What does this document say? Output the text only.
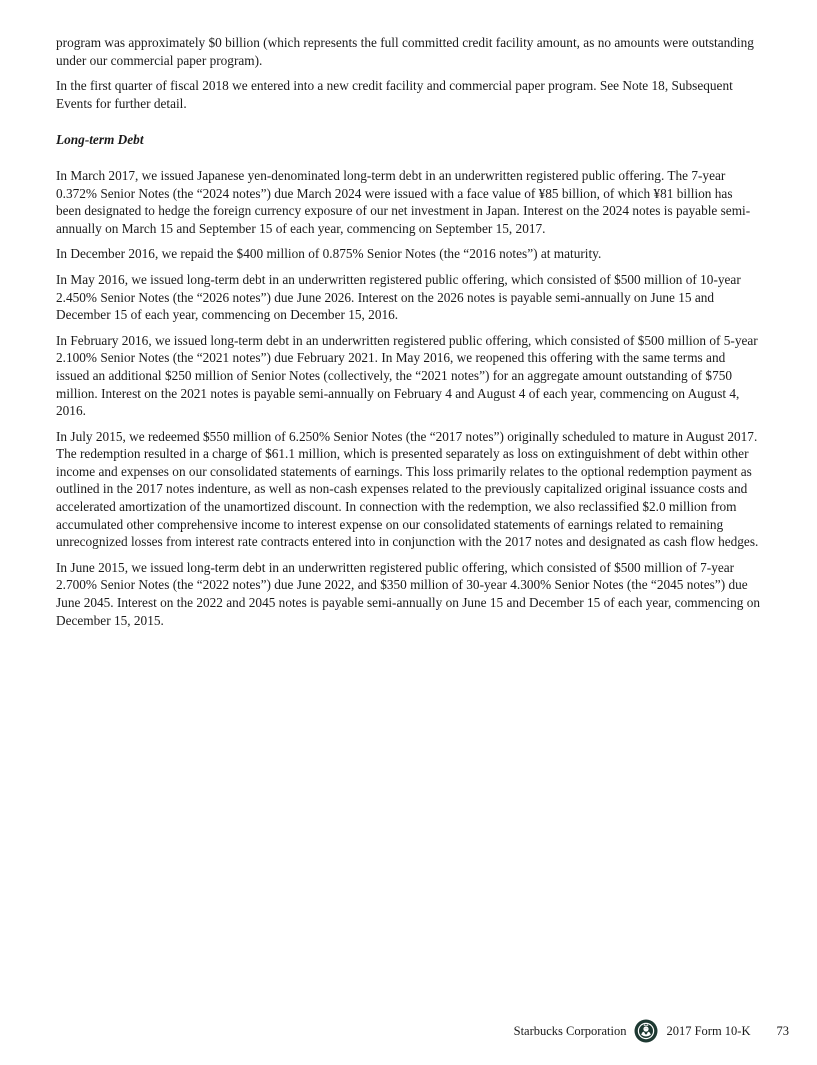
program was approximately $0 billion (which represents the full committed credit facility amount, as no amounts were outstanding under our commercial paper program).

In the first quarter of fiscal 2018 we entered into a new credit facility and commercial paper program. See Note 18, Subsequent Events for further detail.

Long-term Debt

In March 2017, we issued Japanese yen-denominated long-term debt in an underwritten registered public offering. The 7-year 0.372% Senior Notes (the “2024 notes”) due March 2024 were issued with a face value of ¥85 billion, of which ¥81 billion has been designated to hedge the foreign currency exposure of our net investment in Japan. Interest on the 2024 notes is payable semi-annually on March 15 and September 15 of each year, commencing on September 15, 2017.

In December 2016, we repaid the $400 million of 0.875% Senior Notes (the “2016 notes”) at maturity.

In May 2016, we issued long-term debt in an underwritten registered public offering, which consisted of $500 million of 10-year 2.450% Senior Notes (the “2026 notes”) due June 2026. Interest on the 2026 notes is payable semi-annually on June 15 and December 15 of each year, commencing on December 15, 2016.

In February 2016, we issued long-term debt in an underwritten registered public offering, which consisted of $500 million of 5-year 2.100% Senior Notes (the “2021 notes”) due February 2021. In May 2016, we reopened this offering with the same terms and issued an additional $250 million of Senior Notes (collectively, the “2021 notes”) for an aggregate amount outstanding of $750 million. Interest on the 2021 notes is payable semi-annually on February 4 and August 4 of each year, commencing on August 4, 2016.

In July 2015, we redeemed $550 million of 6.250% Senior Notes (the “2017 notes”) originally scheduled to mature in August 2017. The redemption resulted in a charge of $61.1 million, which is presented separately as loss on extinguishment of debt within other income and expenses on our consolidated statements of earnings. This loss primarily relates to the optional redemption payment as outlined in the 2017 notes indenture, as well as non-cash expenses related to the previously capitalized original issuance costs and accelerated amortization of the unamortized discount. In connection with the redemption, we also reclassified $2.0 million from accumulated other comprehensive income to interest expense on our consolidated statements of earnings related to remaining unrecognized losses from interest rate contracts entered into in conjunction with the 2017 notes and designated as cash flow hedges.

In June 2015, we issued long-term debt in an underwritten registered public offering, which consisted of $500 million of 7-year 2.700% Senior Notes (the “2022 notes”) due June 2022, and $350 million of 30-year 4.300% Senior Notes (the “2045 notes”) due June 2045. Interest on the 2022 and 2045 notes is payable semi-annually on June 15 and December 15 of each year, commencing on December 15, 2015.

Starbucks Corporation	2017 Form 10-K 73
